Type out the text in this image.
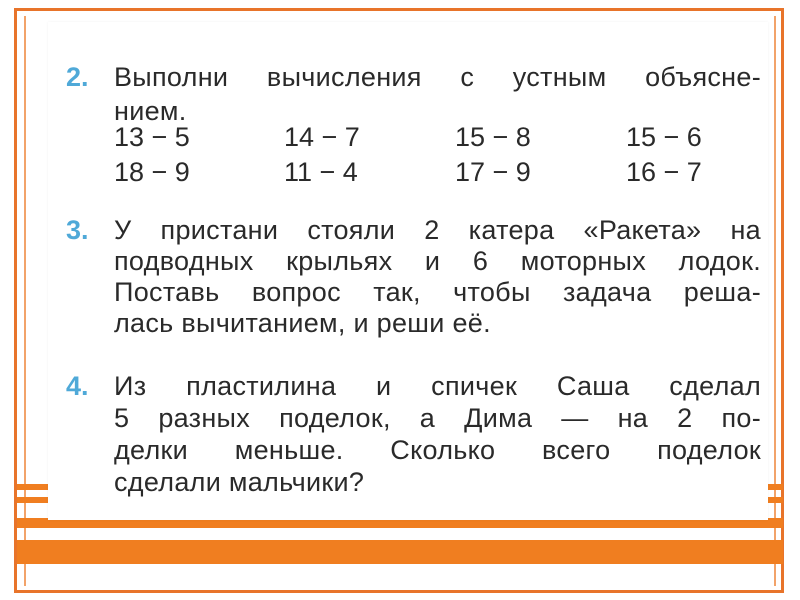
2. Выполни вычисления с устным объясне-
нием.
13 − 5	14 − 7	15 − 8	15 − 6
18 − 9	11 − 4	17 − 9	16 − 7
3. У пристани стояли 2 катера «Ракета» на
подводных крыльях и 6 моторных лодок.
Поставь вопрос так, чтобы задача реша-
лась вычитанием, и реши её.
4. Из пластилина и спичек Саша сделал
5 разных поделок, а Дима — на 2 по-
делки меньше. Сколько всего поделок
сделали мальчики?
